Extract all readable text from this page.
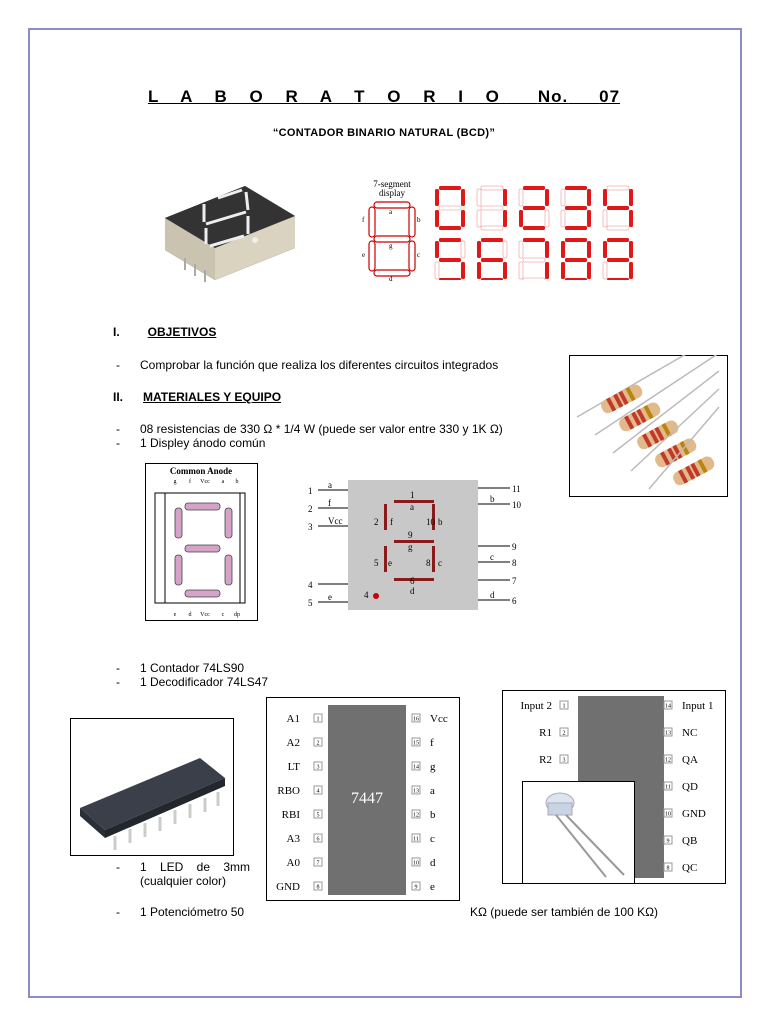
L A B O R A T O R I O No. 07
“CONTADOR BINARIO NATURAL (BCD)”
7-segment
display
a
b
c
d
e
f
g
I. OBJETIVOS
- Comprobar la función que realiza los diferentes circuitos integrados
II. MATERIALES Y EQUIPO
- 08 resistencias de 330 Ω * 1/4 W (puede ser valor entre 330 y 1K Ω)
- 1 Displey ánodo común
Common Anode
g f Vcc a b
e d Vcc c dp
1
a
2
f
3
Vcc
4
5
e
11
10
b
9
8
c
7
6
d
1
a
2 f	10 b
9
g
5 e	8 c
6
d
4
- 1 Contador 74LS90
- 1 Decodificador 74LS47
A1	1
A2	2
LT	3
RBO	4
RBI	5
A3	6
A0	7
GND	8
Vcc
16
f
15
g
14
a
13
b
12
c
11
d
10
e
9
7447
Input 2 1
R1 2
R2 3
Input 1
14
NC
13
QA
12
QD
11
GND
10
QB
9
QC
8
- 1 LED de 3mm (cualquier color)
- 1 Potenciómetro 50	KΩ (puede ser también de 100 KΩ)
